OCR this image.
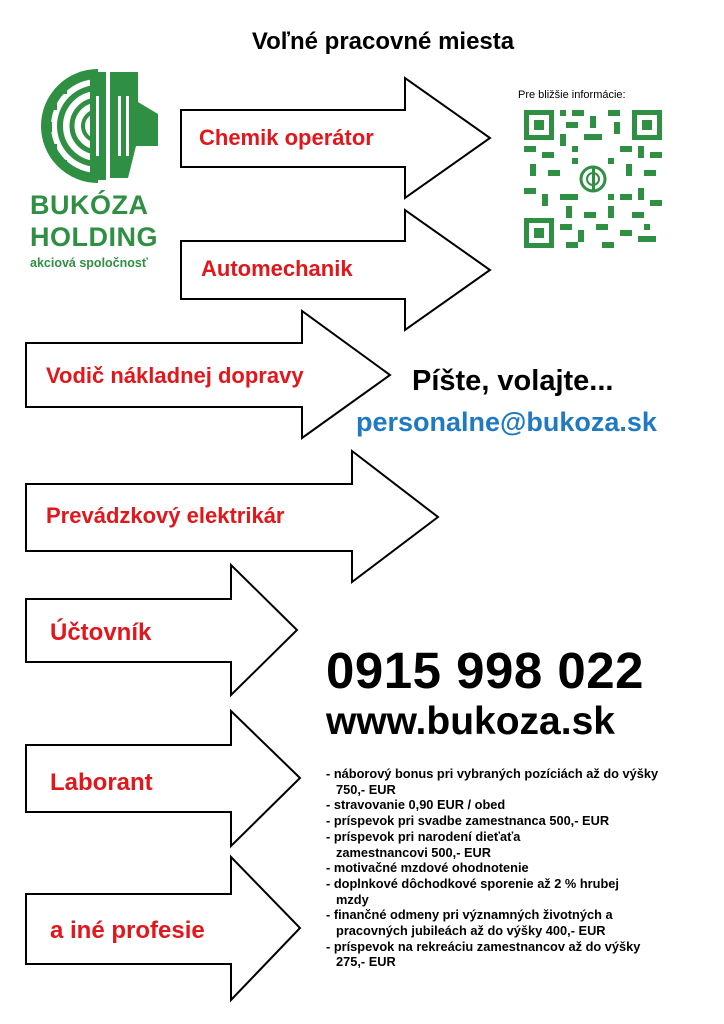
Voľné pracovné miesta
BUKÓZA
HOLDING
akciová spoločnosť
Chemik operátor
Automechanik
Vodič nákladnej dopravy
Prevádzkový elektrikár
Účtovník
Laborant
a iné profesie
Pre bližšie informácie:
Píšte, volajte...
personalne@bukoza.sk
0915 998 022
www.bukoza.sk
- náborový bonus pri vybraných pozíciách až do výšky 750,- EUR
- stravovanie 0,90 EUR / obed
- príspevok pri svadbe zamestnanca 500,- EUR
- príspevok pri narodení dieťaťa zamestnancovi 500,- EUR
- motivačné mzdové ohodnotenie
- doplnkové dôchodkové sporenie až 2 % hrubej mzdy
- finančné odmeny pri významných životných a pracovných jubileách až do výšky 400,- EUR
- príspevok na rekreáciu zamestnancov až do výšky 275,- EUR
